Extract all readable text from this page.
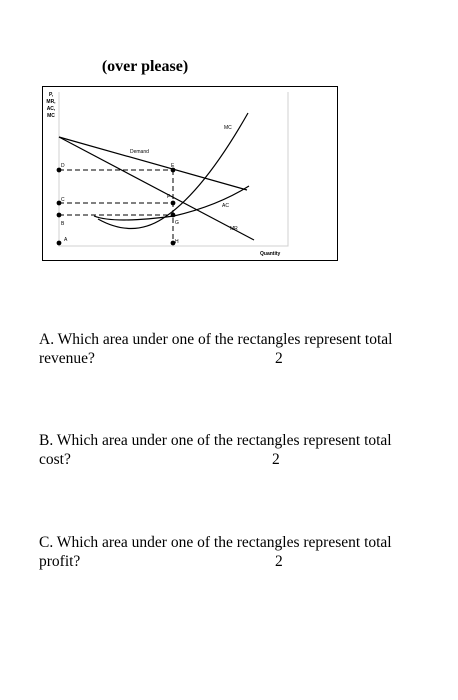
(over please)
P,
MR,
AC,
MC
Quantity
A
B
C
D	E
F
G
H
Demand
MC
AC
MR
A. Which area under one of the rectangles represent total
revenue?	2
B. Which area under one of the rectangles represent total
cost?	2
C. Which area under one of the rectangles represent total
profit?	2
